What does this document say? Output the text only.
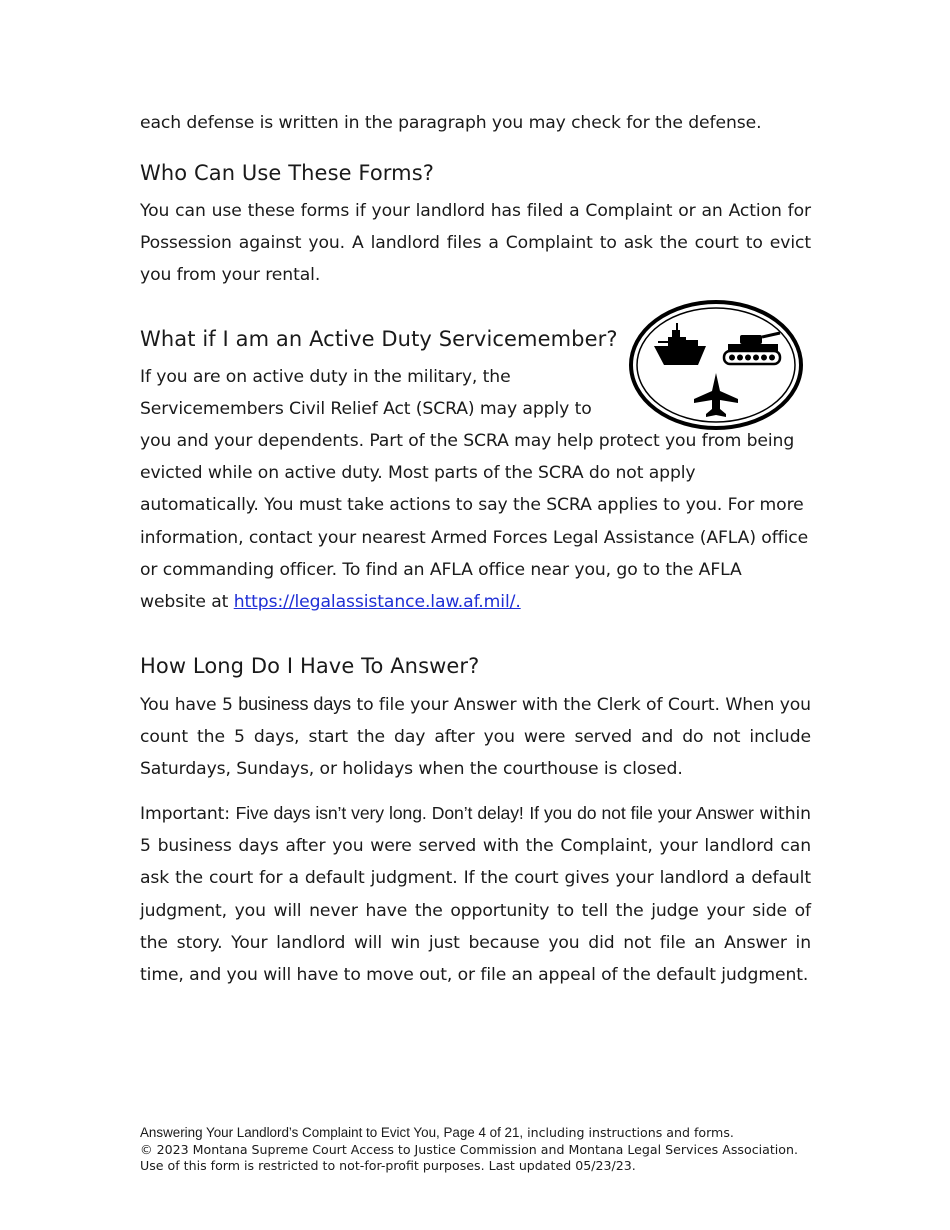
each defense is written in the paragraph you may check for the defense.

Who Can Use These Forms?

You can use these forms if your landlord has filed a Complaint or an Action for Possession against you. A landlord files a Complaint to ask the court to evict you from your rental.

What if I am an Active Duty Servicemember?

If you are on active duty in the military, the

Servicemembers Civil Relief Act (SCRA) may apply to

you and your dependents. Part of the SCRA may help protect you from being evicted while on active duty. Most parts of the SCRA do not apply automatically. You must take actions to say the SCRA applies to you. For more information, contact your nearest Armed Forces Legal Assistance (AFLA) office or commanding officer. To find an AFLA office near you, go to the AFLA website at https://legalassistance.law.af.mil/.

How Long Do I Have To Answer?

You have 5 business days to file your Answer with the Clerk of Court. When you count the 5 days, start the day after you were served and do not include Saturdays, Sundays, or holidays when the courthouse is closed.

Important: Five days isn’t very long. Don’t delay! If you do not file your Answer within 5 business days after you were served with the Complaint, your landlord can ask the court for a default judgment. If the court gives your landlord a default judgment, you will never have the opportunity to tell the judge your side of the story. Your landlord will win just because you did not file an Answer in time, and you will have to move out, or file an appeal of the default judgment.

Answering Your Landlord’s Complaint to Evict You, Page 4 of 21, including instructions and forms.
© 2023 Montana Supreme Court Access to Justice Commission and Montana Legal Services Association. Use of this form is restricted to not-for-profit purposes. Last updated 05/23/23.
